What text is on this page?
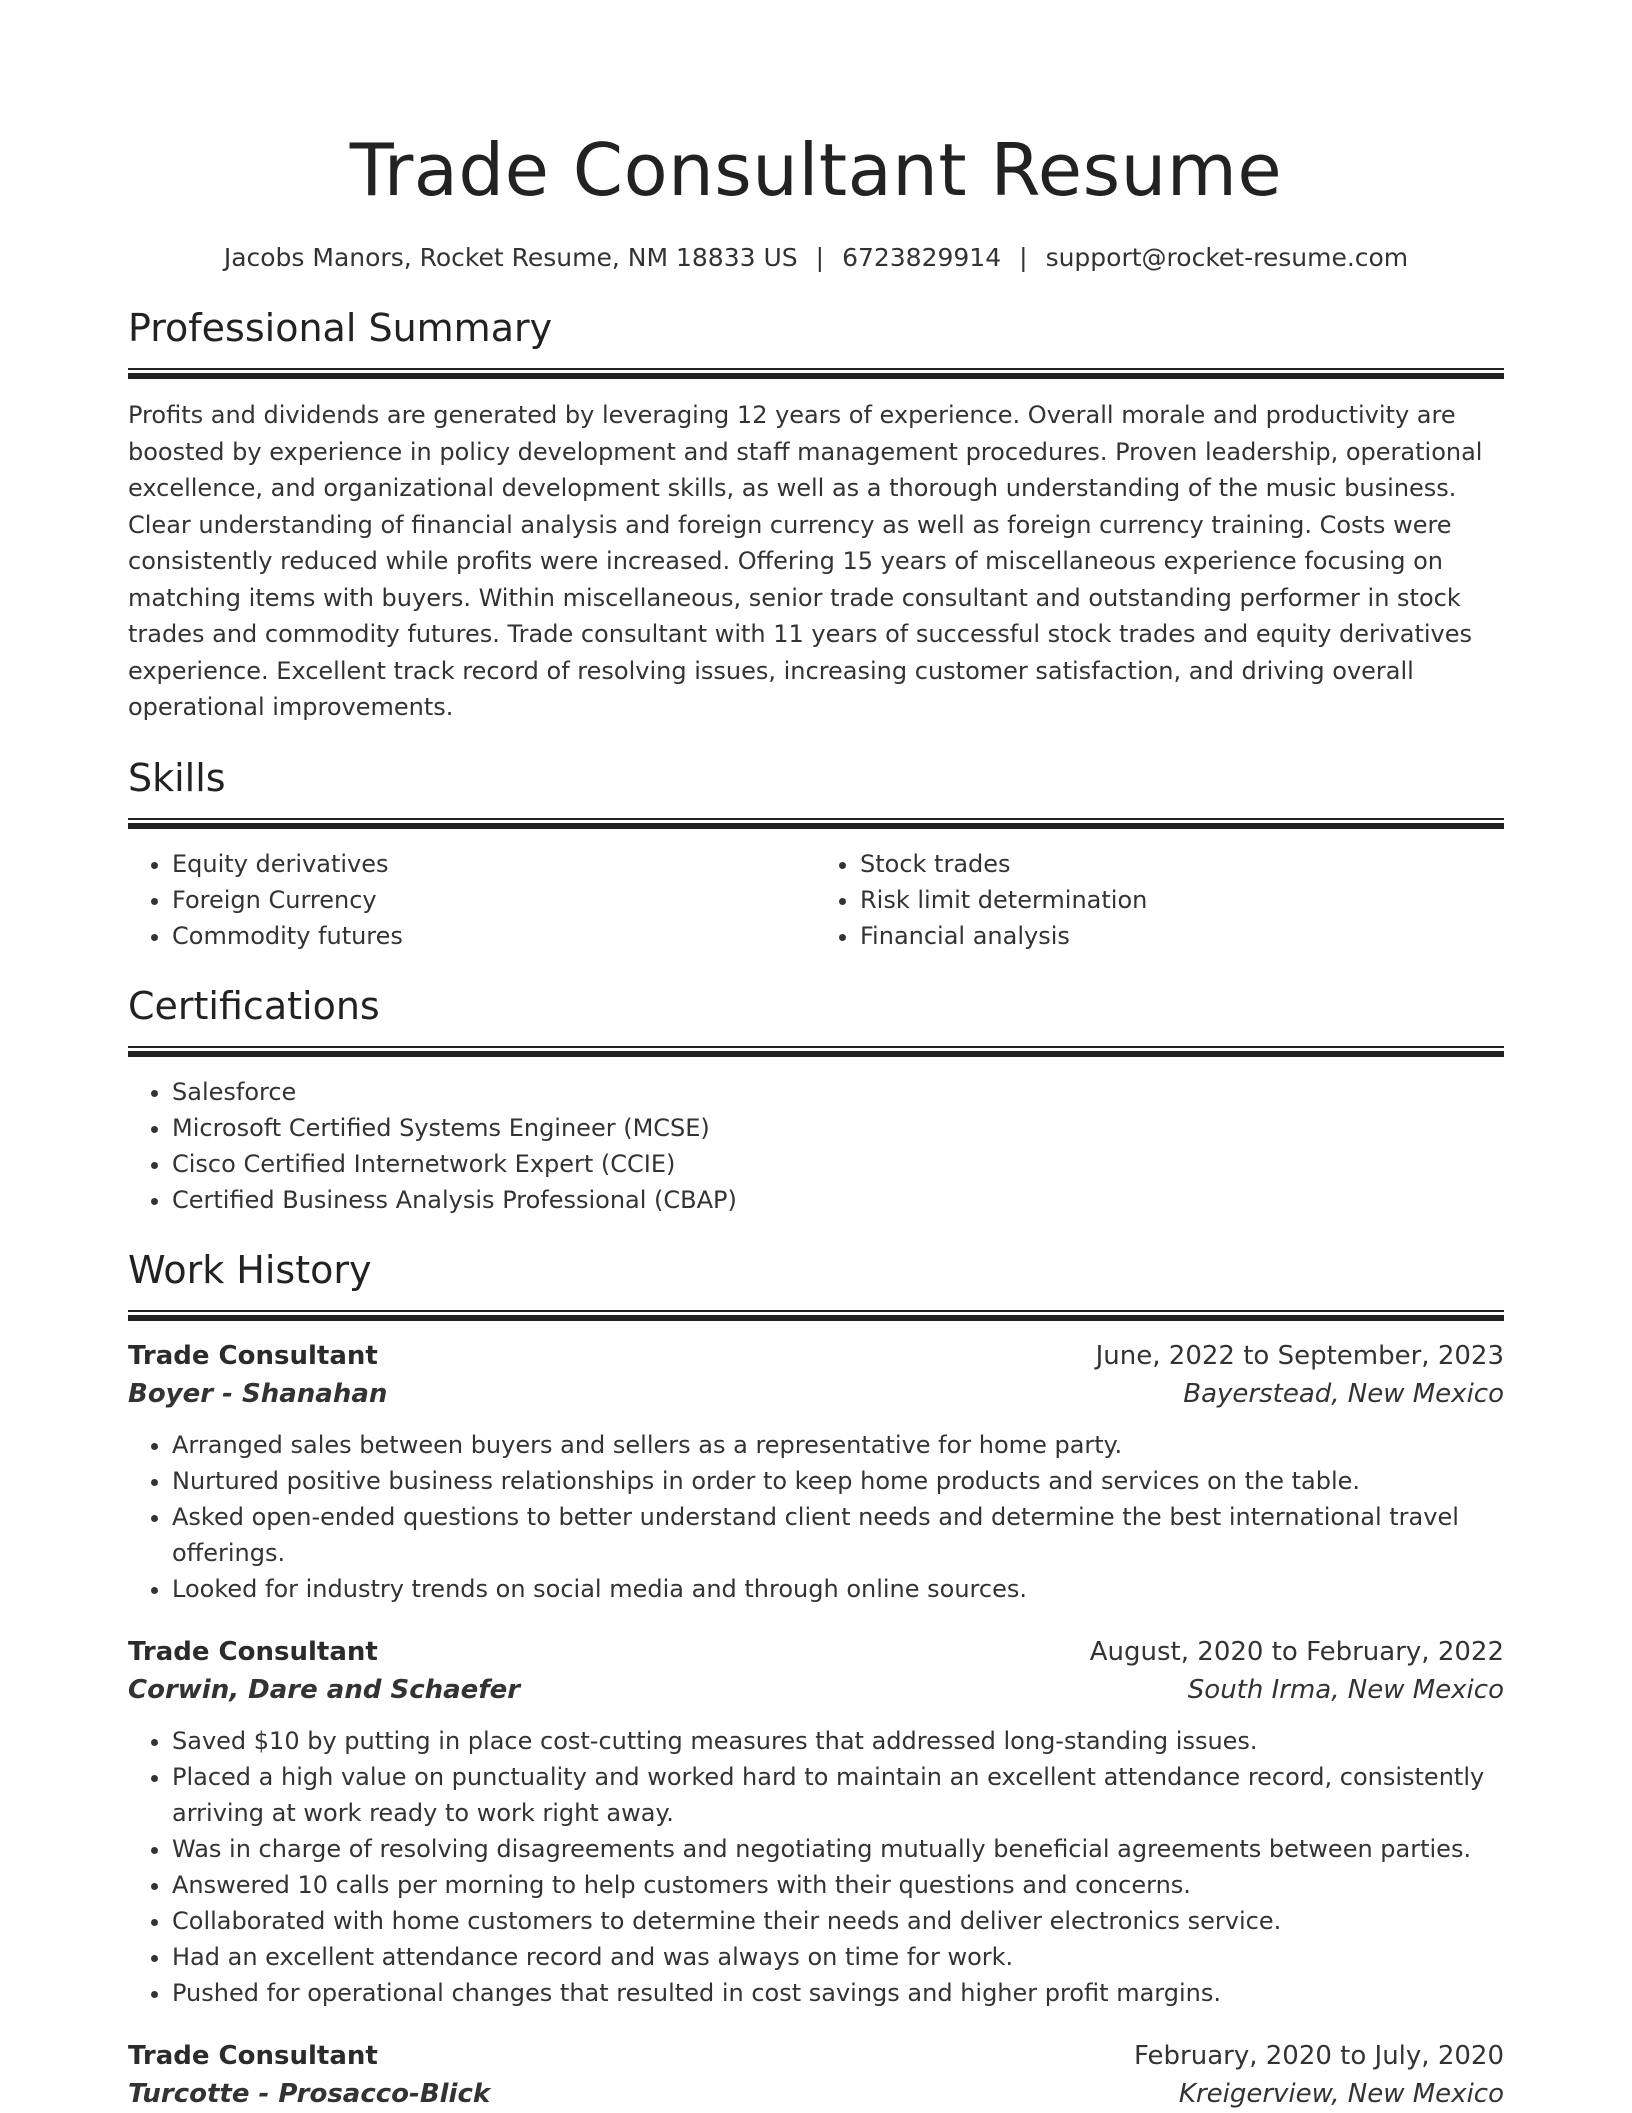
Trade Consultant Resume
Jacobs Manors, Rocket Resume, NM 18833 US | 6723829914 | support@rocket-resume.com
Professional Summary

Profits and dividends are generated by leveraging 12 years of experience. Overall morale and productivity are boosted by experience in policy development and staff management procedures. Proven leadership, operational excellence, and organizational development skills, as well as a thorough understanding of the music business. Clear understanding of financial analysis and foreign currency as well as foreign currency training. Costs were consistently reduced while profits were increased. Offering 15 years of miscellaneous experience focusing on matching items with buyers. Within miscellaneous, senior trade consultant and outstanding performer in stock trades and commodity futures. Trade consultant with 11 years of successful stock trades and equity derivatives experience. Excellent track record of resolving issues, increasing customer satisfaction, and driving overall operational improvements.

Skills
• Equity derivatives
• Foreign Currency
• Commodity futures
• Stock trades
• Risk limit determination
• Financial analysis
Certifications
• Salesforce
• Microsoft Certified Systems Engineer (MCSE)
• Cisco Certified Internetwork Expert (CCIE)
• Certified Business Analysis Professional (CBAP)
Work History
Trade Consultant	June, 2022 to September, 2023
Boyer - Shanahan	Bayerstead, New Mexico
• Arranged sales between buyers and sellers as a representative for home party.
• Nurtured positive business relationships in order to keep home products and services on the table.
• Asked open-ended questions to better understand client needs and determine the best international travel offerings.
• Looked for industry trends on social media and through online sources.
Trade Consultant	August, 2020 to February, 2022
Corwin, Dare and Schaefer	South Irma, New Mexico
• Saved $10 by putting in place cost-cutting measures that addressed long-standing issues.
• Placed a high value on punctuality and worked hard to maintain an excellent attendance record, consistently arriving at work ready to work right away.
• Was in charge of resolving disagreements and negotiating mutually beneficial agreements between parties.
• Answered 10 calls per morning to help customers with their questions and concerns.
• Collaborated with home customers to determine their needs and deliver electronics service.
• Had an excellent attendance record and was always on time for work.
• Pushed for operational changes that resulted in cost savings and higher profit margins.
Trade Consultant	February, 2020 to July, 2020
Turcotte - Prosacco-Blick	Kreigerview, New Mexico
